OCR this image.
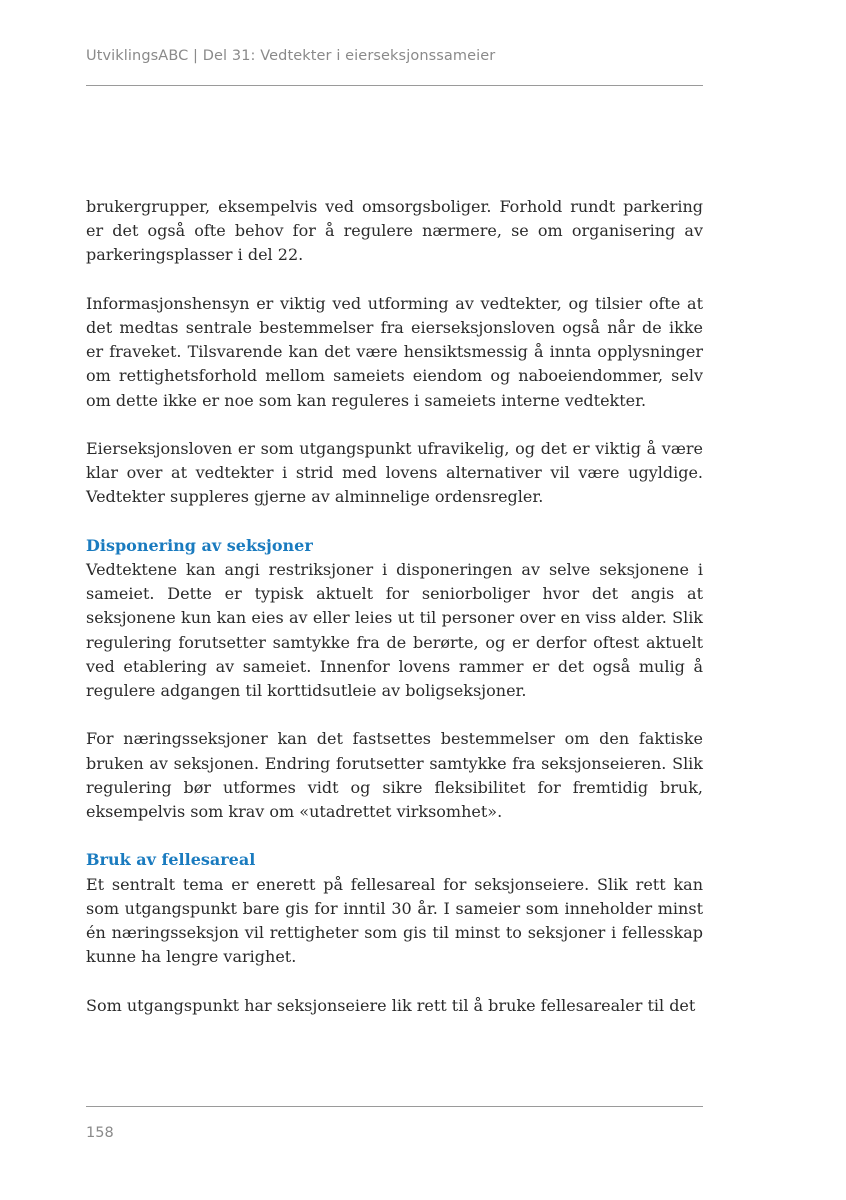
UtviklingsABC | Del 31: Vedtekter i eierseksjonssameier

brukergrupper, eksempelvis ved omsorgsboliger. Forhold rundt parkering er det også ofte behov for å regulere nærmere, se om organisering av parkeringsplasser i del 22.

Informasjonshensyn er viktig ved utforming av vedtekter, og tilsier ofte at det medtas sentrale bestemmelser fra eierseksjonsloven også når de ikke er fraveket. Tilsvarende kan det være hensiktsmessig å innta opplysninger om rettighetsforhold mellom sameiets eiendom og naboeiendommer, selv om dette ikke er noe som kan reguleres i sameiets interne vedtekter.

Eierseksjonsloven er som utgangspunkt ufravikelig, og det er viktig å være klar over at vedtekter i strid med lovens alternativer vil være ugyldige. Vedtekter suppleres gjerne av alminnelige ordensregler.

Disponering av seksjoner

Vedtektene kan angi restriksjoner i disponeringen av selve seksjonene i sameiet. Dette er typisk aktuelt for seniorboliger hvor det angis at seksjonene kun kan eies av eller leies ut til personer over en viss alder. Slik regulering forutsetter samtykke fra de berørte, og er derfor oftest aktuelt ved etablering av sameiet. Innenfor lovens rammer er det også mulig å regulere adgangen til korttidsutleie av boligseksjoner.

For næringsseksjoner kan det fastsettes bestemmelser om den faktiske bruken av seksjonen. Endring forutsetter samtykke fra seksjonseieren. Slik regulering bør utformes vidt og sikre fleksibilitet for fremtidig bruk, eksempelvis som krav om «utadrettet virksomhet».

Bruk av fellesareal

Et sentralt tema er enerett på fellesareal for seksjonseiere. Slik rett kan som utgangspunkt bare gis for inntil 30 år. I sameier som inneholder minst én næringsseksjon vil rettigheter som gis til minst to seksjoner i fellesskap kunne ha lengre varighet.

Som utgangspunkt har seksjonseiere lik rett til å bruke fellesarealer til det

158
